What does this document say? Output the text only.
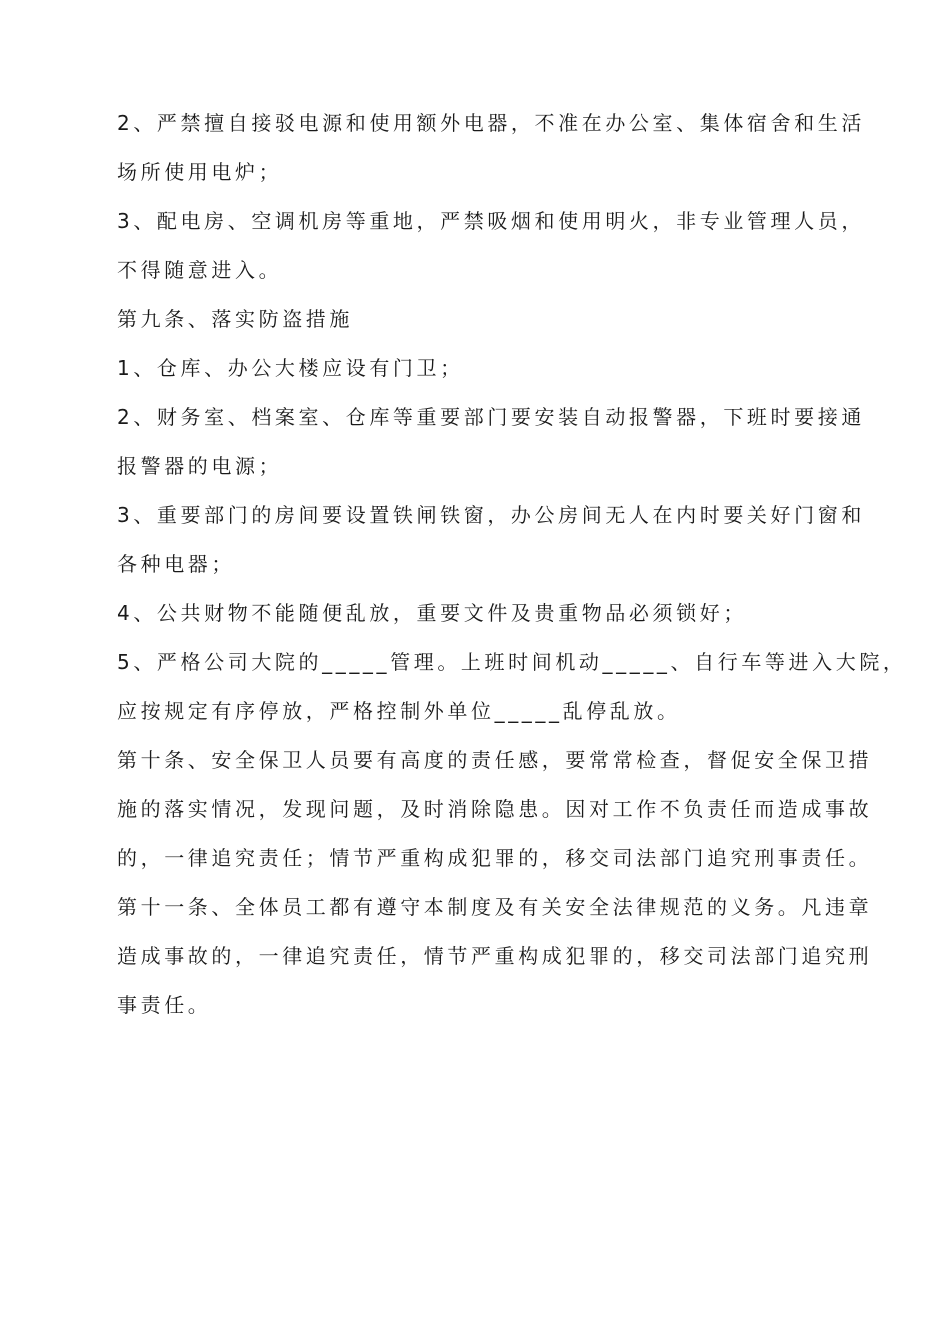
2、严禁擅自接驳电源和使用额外电器，不准在办公室、集体宿舍和生活
场所使用电炉；
3、配电房、空调机房等重地，严禁吸烟和使用明火，非专业管理人员，
不得随意进入。
第九条、落实防盗措施
1、仓库、办公大楼应设有门卫；
2、财务室、档案室、仓库等重要部门要安装自动报警器，下班时要接通
报警器的电源；
3、重要部门的房间要设置铁闸铁窗，办公房间无人在内时要关好门窗和
各种电器；
4、公共财物不能随便乱放，重要文件及贵重物品必须锁好；
5、严格公司大院的_____管理。上班时间机动_____、自行车等进入大院，
应按规定有序停放，严格控制外单位_____乱停乱放。
第十条、安全保卫人员要有高度的责任感，要常常检查，督促安全保卫措
施的落实情况，发现问题，及时消除隐患。因对工作不负责任而造成事故
的，一律追究责任；情节严重构成犯罪的，移交司法部门追究刑事责任。
第十一条、全体员工都有遵守本制度及有关安全法律规范的义务。凡违章
造成事故的，一律追究责任，情节严重构成犯罪的，移交司法部门追究刑
事责任。
